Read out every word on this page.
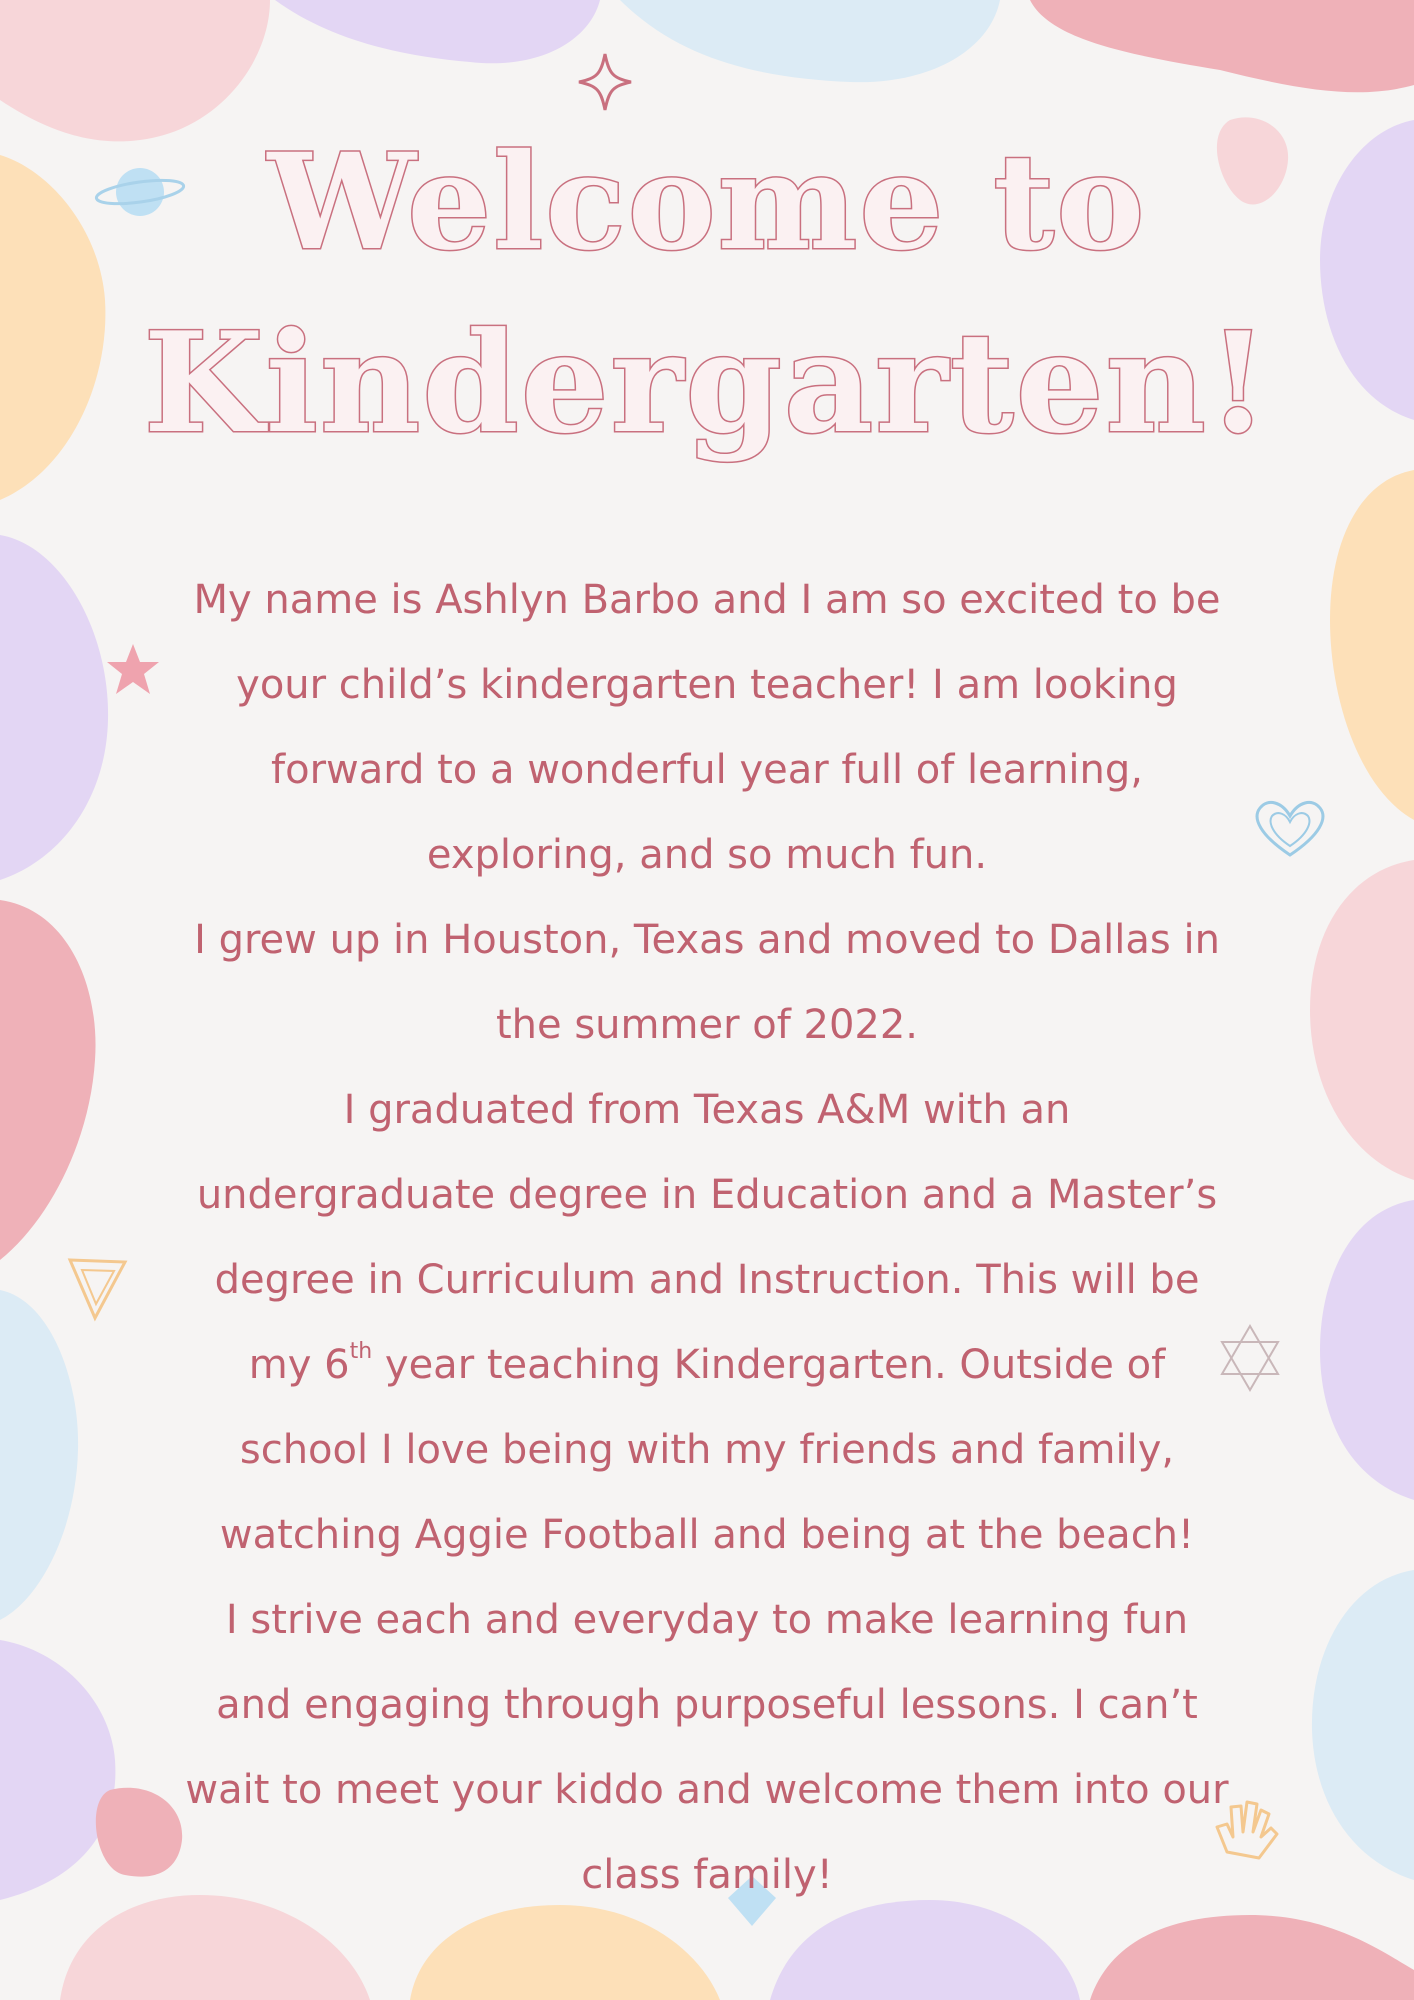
Welcome to
Kindergarten!
My name is Ashlyn Barbo and I am so excited to be
your child’s kindergarten teacher! I am looking
forward to a wonderful year full of learning,
exploring, and so much fun.
I grew up in Houston, Texas and moved to Dallas in
the summer of 2022.
I graduated from Texas A&M with an
undergraduate degree in Education and a Master’s
degree in Curriculum and Instruction. This will be
my 6th year teaching Kindergarten. Outside of
school I love being with my friends and family,
watching Aggie Football and being at the beach!
I strive each and everyday to make learning fun
and engaging through purposeful lessons. I can’t
wait to meet your kiddo and welcome them into our
class family!
